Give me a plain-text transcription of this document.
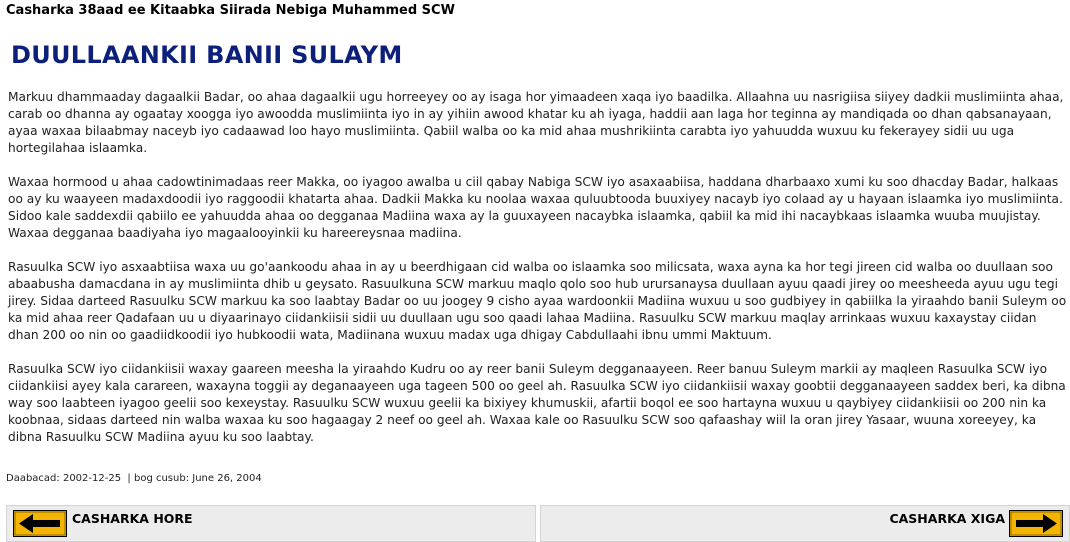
Casharka 38aad ee Kitaabka Siirada Nebiga Muhammed SCW
DUULLAANKII BANII SULAYM

Markuu dhammaaday dagaalkii Badar, oo ahaa dagaalkii ugu horreeyey oo ay isaga hor yimaadeen xaqa iyo baadilka. Allaahna uu nasrigiisa siiyey dadkii muslimiinta ahaa, carab oo dhanna ay ogaatay xoogga iyo awoodda muslimiinta iyo in ay yihiin awood khatar ku ah iyaga, haddii aan laga hor teginna ay mandiqada oo dhan qabsanayaan, ayaa waxaa bilaabmay naceyb iyo cadaawad loo hayo muslimiinta. Qabiil walba oo ka mid ahaa mushrikiinta carabta iyo yahuudda wuxuu ku fekerayey sidii uu uga hortegilahaa islaamka.

Waxaa hormood u ahaa cadowtinimadaas reer Makka, oo iyagoo awalba u ciil qabay Nabiga SCW iyo asaxaabiisa, haddana dharbaaxo xumi ku soo dhacday Badar, halkaas oo ay ku waayeen madaxdoodii iyo raggoodii khatarta ahaa. Dadkii Makka ku noolaa waxaa quluubtooda buuxiyey nacayb iyo colaad ay u hayaan islaamka iyo muslimiinta. Sidoo kale saddexdii qabiilo ee yahuudda ahaa oo degganaa Madiina waxa ay la guuxayeen nacaybka islaamka, qabiil ka mid ihi nacaybkaas islaamka wuuba muujistay. Waxaa degganaa baadiyaha iyo magaalooyinkii ku hareereysnaa madiina.

Rasuulka SCW iyo asxaabtiisa waxa uu go'aankoodu ahaa in ay u beerdhigaan cid walba oo islaamka soo milicsata, waxa ayna ka hor tegi jireen cid walba oo duullaan soo abaabusha damacdana in ay muslimiinta dhib u geysato. Rasuulkuna SCW markuu maqlo qolo soo hub urursanaysa duullaan ayuu qaadi jirey oo meesheeda ayuu ugu tegi jirey. Sidaa darteed Rasuulku SCW markuu ka soo laabtay Badar oo uu joogey 9 cisho ayaa wardoonkii Madiina wuxuu u soo gudbiyey in qabiilka la yiraahdo banii Suleym oo ka mid ahaa reer Qadafaan uu u diyaarinayo ciidankiisii sidii uu duullaan ugu soo qaadi lahaa Madiina. Rasuulku SCW markuu maqlay arrinkaas wuxuu kaxaystay ciidan dhan 200 oo nin oo gaadiidkoodii iyo hubkoodii wata, Madiinana wuxuu madax uga dhigay Cabdullaahi ibnu ummi Maktuum.

Rasuulka SCW iyo ciidankiisii waxay gaareen meesha la yiraahdo Kudru oo ay reer banii Suleym degganaayeen. Reer banuu Suleym markii ay maqleen Rasuulka SCW iyo ciidankiisi ayey kala carareen, waxayna toggii ay deganaayeen uga tageen 500 oo geel ah. Rasuulka SCW iyo ciidankiisii waxay goobtii degganaayeen saddex beri, ka dibna way soo laabteen iyagoo geelii soo kexeystay. Rasuulku SCW wuxuu geelii ka bixiyey khumuskii, afartii boqol ee soo hartayna wuxuu u qaybiyey ciidankiisii oo 200 nin ka koobnaa, sidaas darteed nin walba waxaa ku soo hagaagay 2 neef oo geel ah. Waxaa kale oo Rasuulku SCW soo qafaashay wiil la oran jirey Yasaar, wuuna xoreeyey, ka dibna Rasuulku SCW Madiina ayuu ku soo laabtay.

Daabacad: 2002-12-25  | bog cusub: June 26, 2004
CASHARKA HORE	CASHARKA XIGA
